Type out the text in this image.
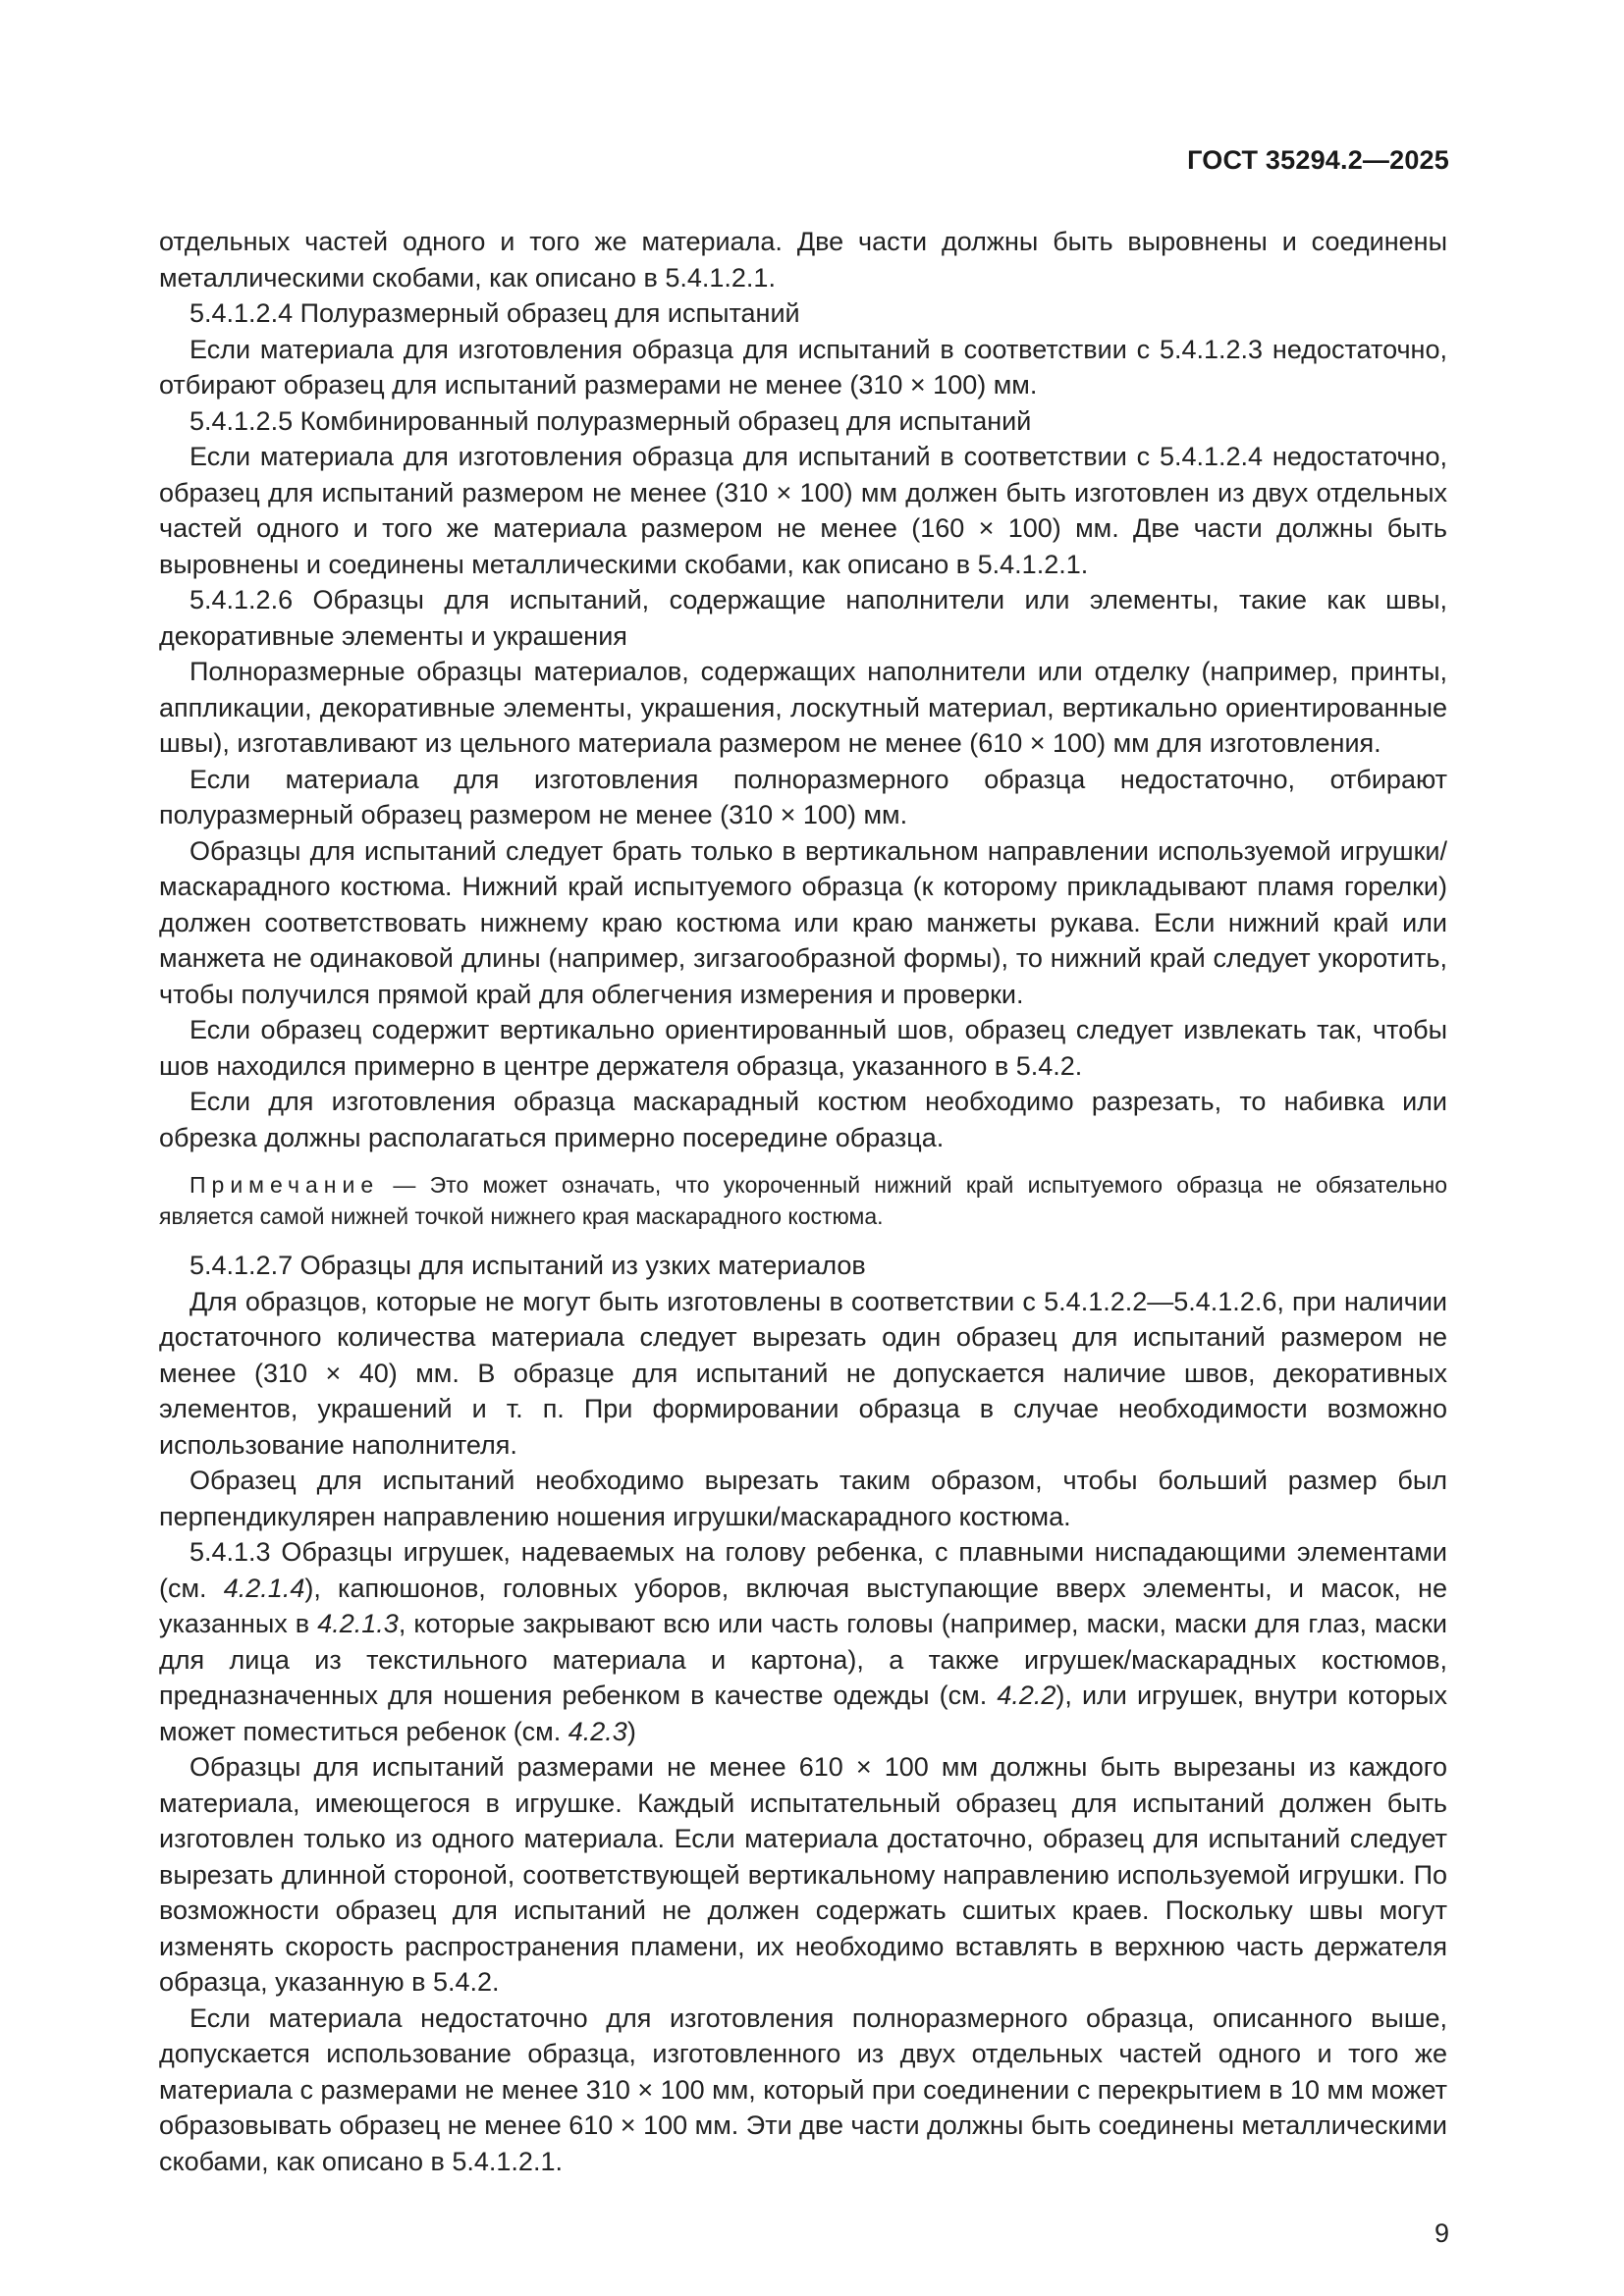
ГОСТ 35294.2—2025

отдельных частей одного и того же материала. Две части должны быть выровнены и соединены металлическими скобами, как описано в 5.4.1.2.1.

5.4.1.2.4 Полуразмерный образец для испытаний

Если материала для изготовления образца для испытаний в соответствии с 5.4.1.2.3 недостаточно, отбирают образец для испытаний размерами не менее (310 × 100) мм.

5.4.1.2.5 Комбинированный полуразмерный образец для испытаний

Если материала для изготовления образца для испытаний в соответствии с 5.4.1.2.4 недостаточно, образец для испытаний размером не менее (310 × 100) мм должен быть изготовлен из двух отдельных частей одного и того же материала размером не менее (160 × 100) мм. Две части должны быть выровнены и соединены металлическими скобами, как описано в 5.4.1.2.1.

5.4.1.2.6 Образцы для испытаний, содержащие наполнители или элементы, такие как швы, декоративные элементы и украшения

Полноразмерные образцы материалов, содержащих наполнители или отделку (например, принты, аппликации, декоративные элементы, украшения, лоскутный материал, вертикально ориентированные швы), изготавливают из цельного материала размером не менее (610 × 100) мм для изготовления.

Если материала для изготовления полноразмерного образца недостаточно, отбирают полуразмерный образец размером не менее (310 × 100) мм.

Образцы для испытаний следует брать только в вертикальном направлении используемой игрушки/маскарадного костюма. Нижний край испытуемого образца (к которому прикладывают пламя горелки) должен соответствовать нижнему краю костюма или краю манжеты рукава. Если нижний край или манжета не одинаковой длины (например, зигзагообразной формы), то нижний край следует укоротить, чтобы получился прямой край для облегчения измерения и проверки.

Если образец содержит вертикально ориентированный шов, образец следует извлекать так, чтобы шов находился примерно в центре держателя образца, указанного в 5.4.2.

Если для изготовления образца маскарадный костюм необходимо разрезать, то набивка или обрезка должны располагаться примерно посередине образца.

Примечание — Это может означать, что укороченный нижний край испытуемого образца не обязательно является самой нижней точкой нижнего края маскарадного костюма.

5.4.1.2.7 Образцы для испытаний из узких материалов

Для образцов, которые не могут быть изготовлены в соответствии с 5.4.1.2.2—5.4.1.2.6, при наличии достаточного количества материала следует вырезать один образец для испытаний размером не менее (310 × 40) мм. В образце для испытаний не допускается наличие швов, декоративных элементов, украшений и т. п. При формировании образца в случае необходимости возможно использование наполнителя.

Образец для испытаний необходимо вырезать таким образом, чтобы больший размер был перпендикулярен направлению ношения игрушки/маскарадного костюма.

5.4.1.3 Образцы игрушек, надеваемых на голову ребенка, с плавными ниспадающими элементами (см. 4.2.1.4), капюшонов, головных уборов, включая выступающие вверх элементы, и масок, не указанных в 4.2.1.3, которые закрывают всю или часть головы (например, маски, маски для глаз, маски для лица из текстильного материала и картона), а также игрушек/маскарадных костюмов, предназначенных для ношения ребенком в качестве одежды (см. 4.2.2), или игрушек, внутри которых может поместиться ребенок (см. 4.2.3)

Образцы для испытаний размерами не менее 610 × 100 мм должны быть вырезаны из каждого материала, имеющегося в игрушке. Каждый испытательный образец для испытаний должен быть изготовлен только из одного материала. Если материала достаточно, образец для испытаний следует вырезать длинной стороной, соответствующей вертикальному направлению используемой игрушки. По возможности образец для испытаний не должен содержать сшитых краев. Поскольку швы могут изменять скорость распространения пламени, их необходимо вставлять в верхнюю часть держателя образца, указанную в 5.4.2.

Если материала недостаточно для изготовления полноразмерного образца, описанного выше, допускается использование образца, изготовленного из двух отдельных частей одного и того же материала с размерами не менее 310 × 100 мм, который при соединении с перекрытием в 10 мм может образовывать образец не менее 610 × 100 мм. Эти две части должны быть соединены металлическими скобами, как описано в 5.4.1.2.1.

9
